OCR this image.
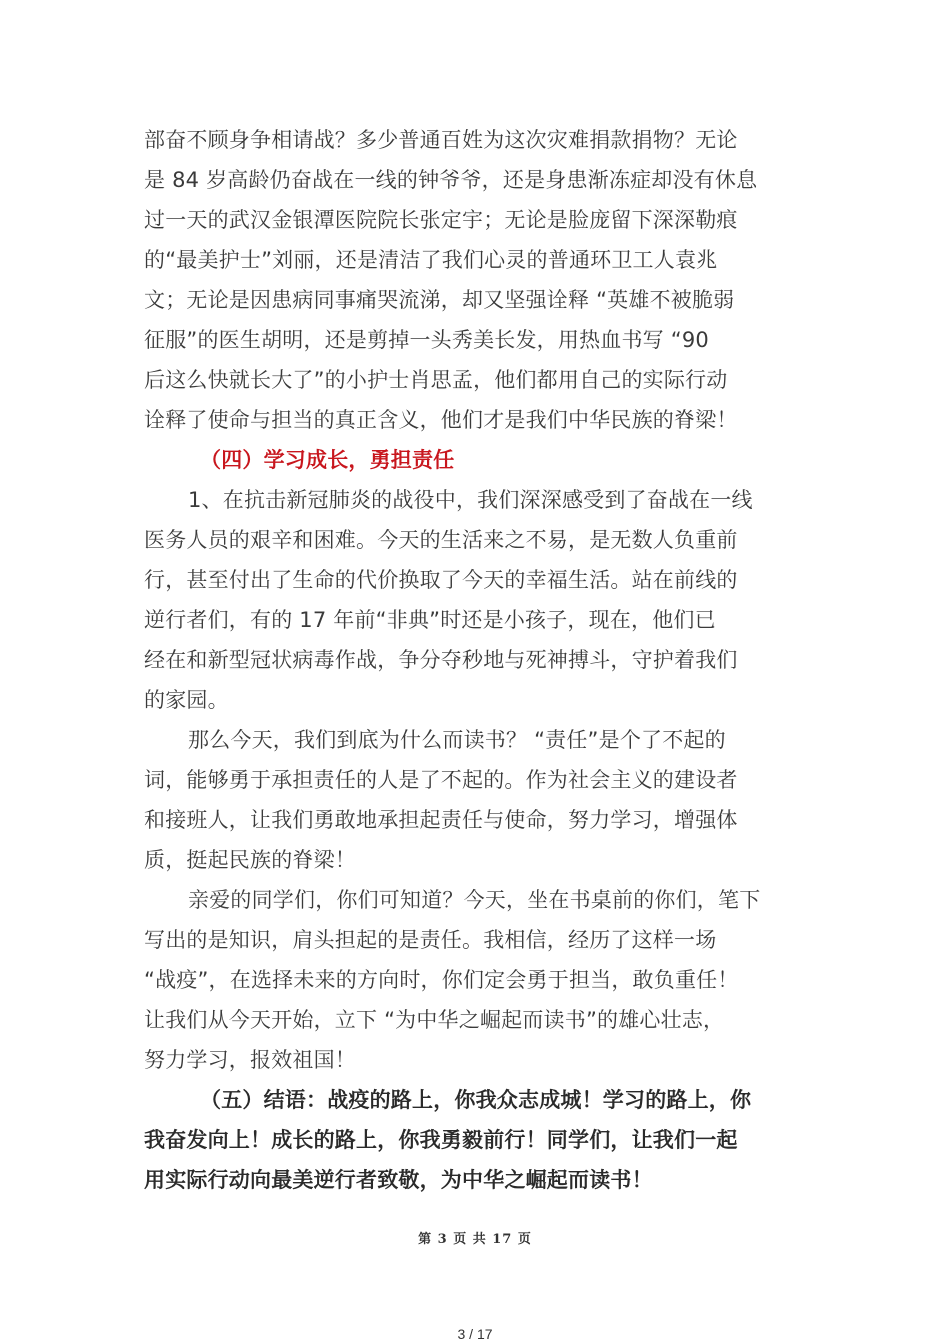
部奋不顾身争相请战？多少普通百姓为这次灾难捐款捐物？无论
是 84 岁高龄仍奋战在一线的钟爷爷，还是身患渐冻症却没有休息
过一天的武汉金银潭医院院长张定宇；无论是脸庞留下深深勒痕
的“最美护士”刘丽，还是清洁了我们心灵的普通环卫工人袁兆
文；无论是因患病同事痛哭流涕，却又坚强诠释 “英雄不被脆弱
征服”的医生胡明，还是剪掉一头秀美长发，用热血书写 “90
后这么快就长大了”的小护士肖思孟，他们都用自己的实际行动
诠释了使命与担当的真正含义，他们才是我们中华民族的脊梁！
（四）学习成长，勇担责任
1、在抗击新冠肺炎的战役中，我们深深感受到了奋战在一线
医务人员的艰辛和困难。今天的生活来之不易，是无数人负重前
行，甚至付出了生命的代价换取了今天的幸福生活。站在前线的
逆行者们，有的 17 年前“非典”时还是小孩子，现在，他们已
经在和新型冠状病毒作战，争分夺秒地与死神搏斗，守护着我们
的家园。
那么今天，我们到底为什么而读书？ “责任”是个了不起的
词，能够勇于承担责任的人是了不起的。作为社会主义的建设者
和接班人，让我们勇敢地承担起责任与使命，努力学习，增强体
质，挺起民族的脊梁！
亲爱的同学们，你们可知道？今天，坐在书桌前的你们，笔下
写出的是知识，肩头担起的是责任。我相信，经历了这样一场
“战疫”，在选择未来的方向时，你们定会勇于担当，敢负重任！
让我们从今天开始，立下 “为中华之崛起而读书”的雄心壮志，
努力学习，报效祖国！
（五）结语：战疫的路上，你我众志成城！学习的路上，你
我奋发向上！成长的路上，你我勇毅前行！同学们，让我们一起
用实际行动向最美逆行者致敬，为中华之崛起而读书！
第 3 页 共 17 页
3 / 17
